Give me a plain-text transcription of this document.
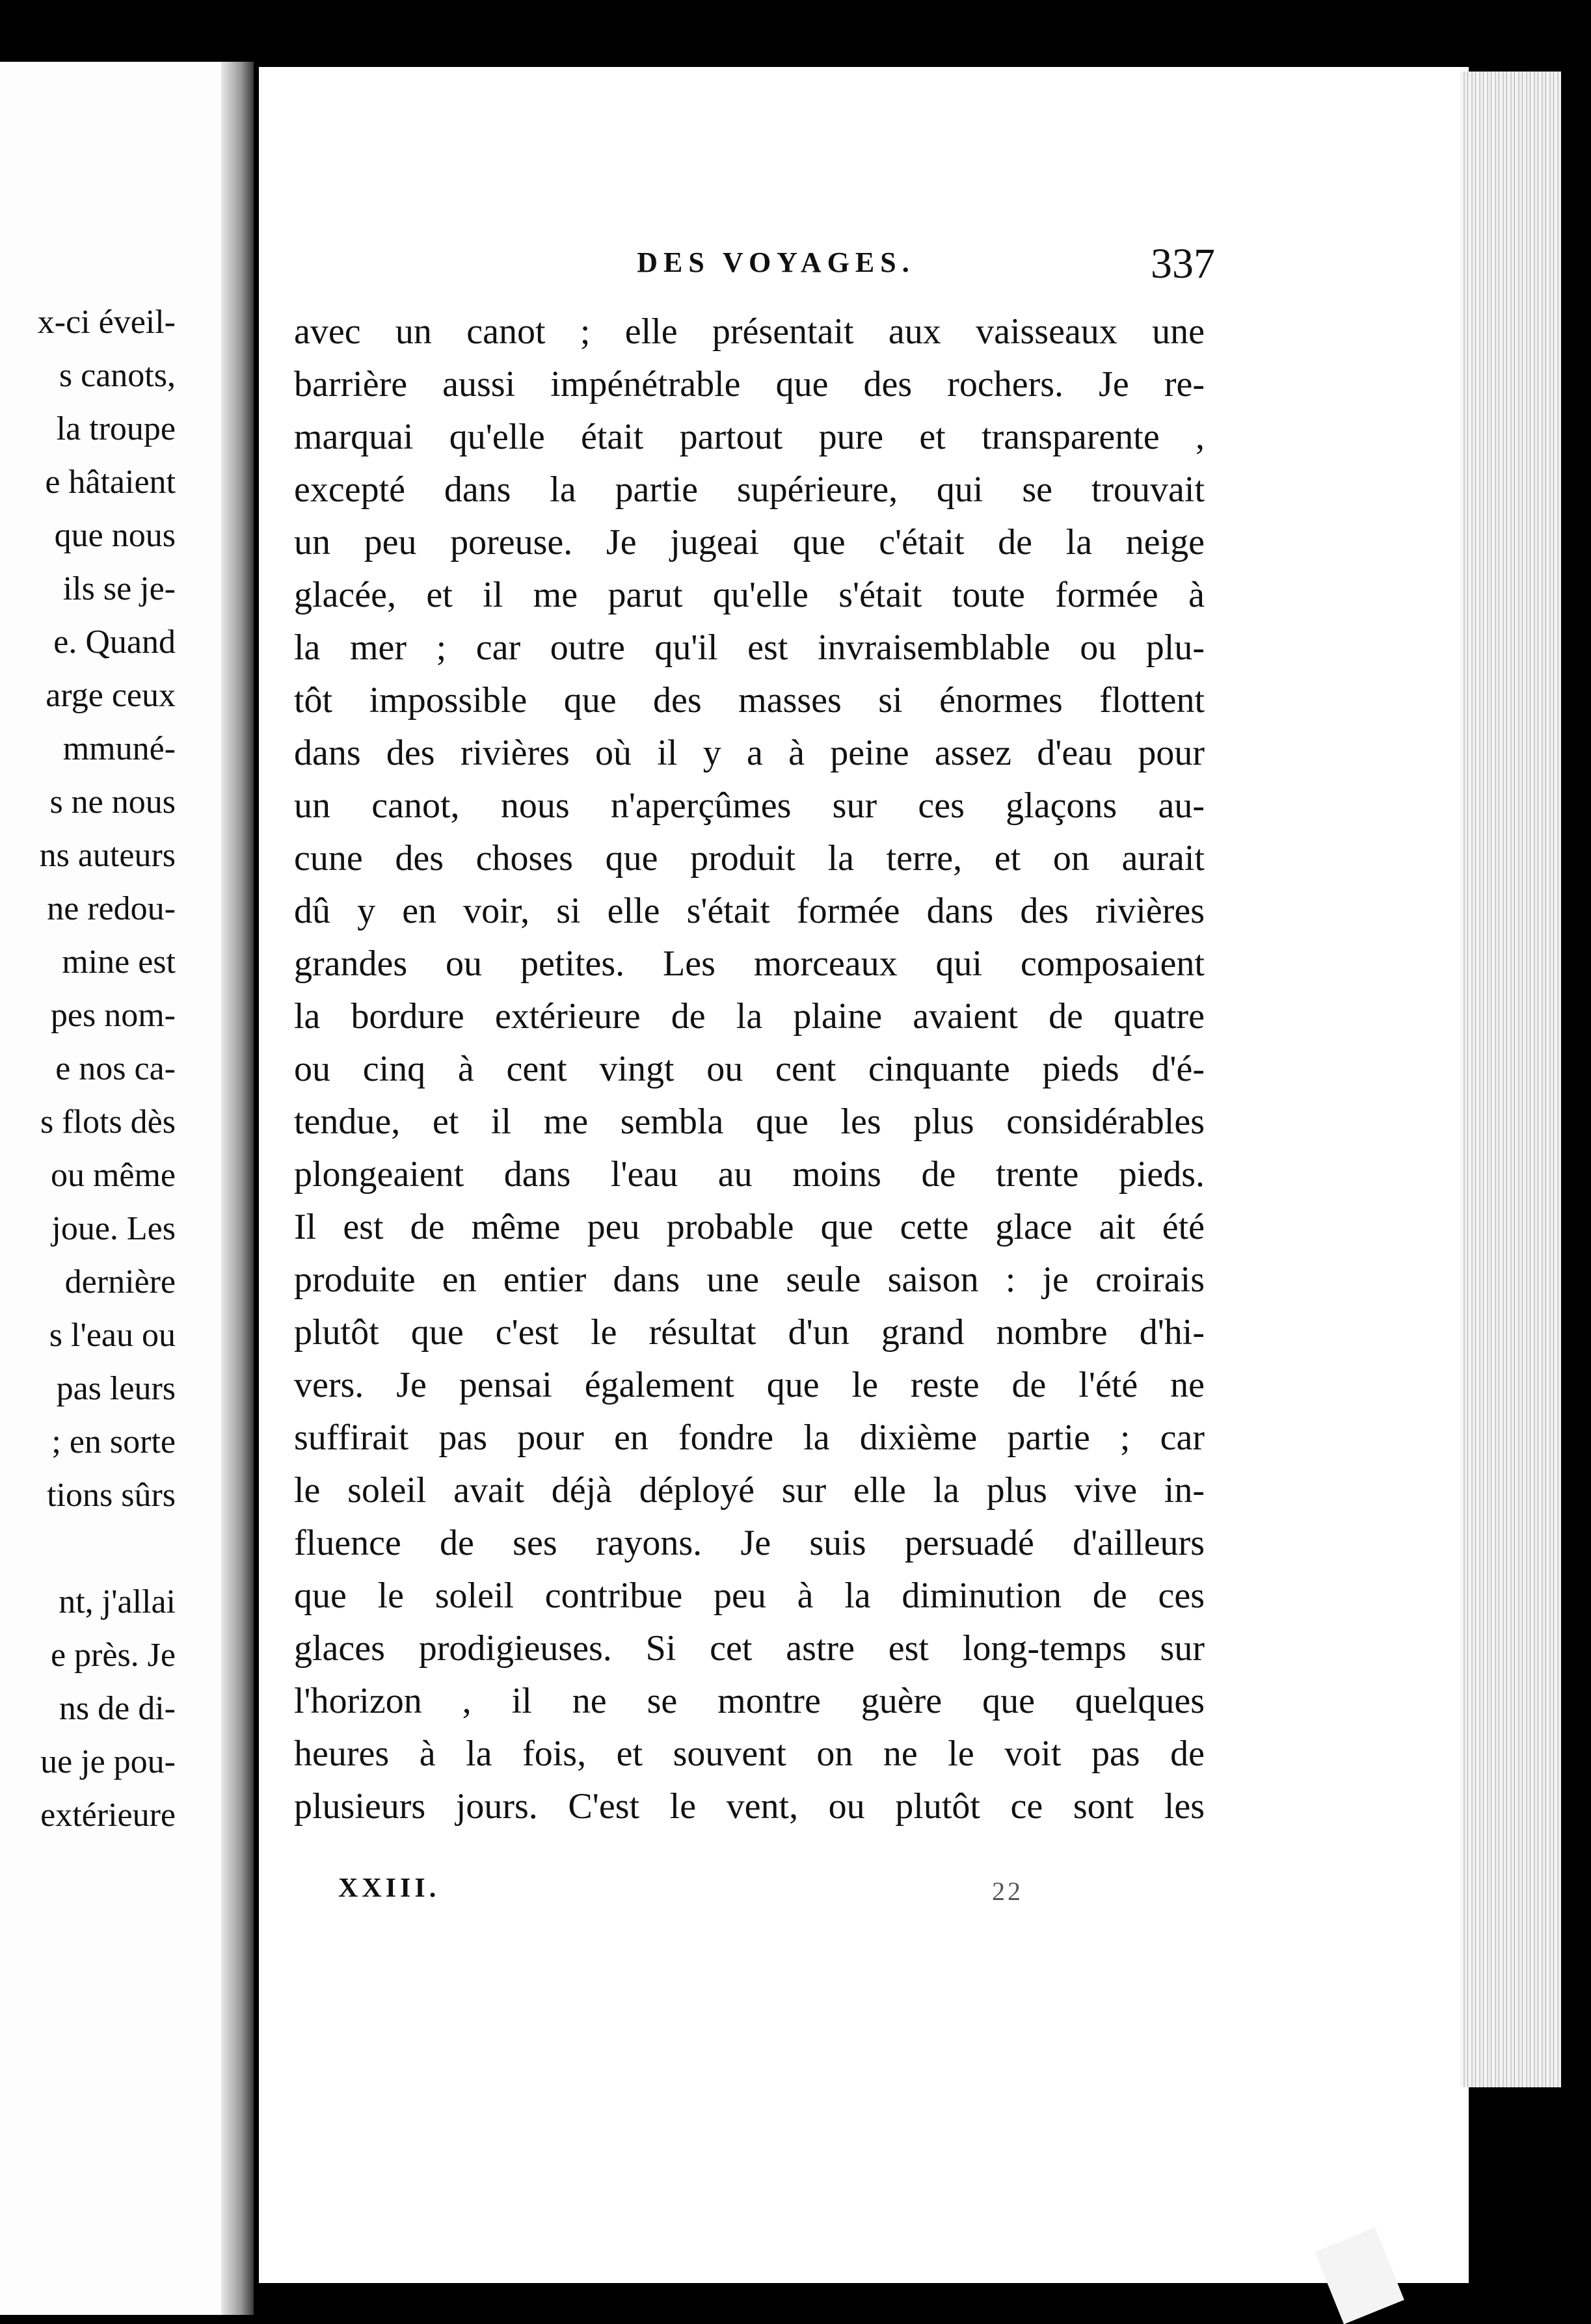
x-ci éveil-
s canots,
la troupe
e hâtaient
que nous
ils se je-
e. Quand
arge ceux
mmuné-
s ne nous
ns auteurs
ne redou-
mine est
pes nom-
e nos ca-
s flots dès
ou même
joue. Les
dernière
s l'eau ou
pas leurs
; en sorte
tions sûrs
nt, j'allai
e près. Je
ns de di-
ue je pou-
extérieure
DES VOYAGES.	337
avec un canot ; elle présentait aux vaisseaux une
barrière aussi impénétrable que des rochers. Je re-
marquai qu'elle était partout pure et transparente ,
excepté dans la partie supérieure, qui se trouvait
un peu poreuse. Je jugeai que c'était de la neige
glacée, et il me parut qu'elle s'était toute formée à
la mer ; car outre qu'il est invraisemblable ou plu-
tôt impossible que des masses si énormes flottent
dans des rivières où il y a à peine assez d'eau pour
un canot, nous n'aperçûmes sur ces glaçons au-
cune des choses que produit la terre, et on aurait
dû y en voir, si elle s'était formée dans des rivières
grandes ou petites. Les morceaux qui composaient
la bordure extérieure de la plaine avaient de quatre
ou cinq à cent vingt ou cent cinquante pieds d'é-
tendue, et il me sembla que les plus considérables
plongeaient dans l'eau au moins de trente pieds.
Il est de même peu probable que cette glace ait été
produite en entier dans une seule saison : je croirais
plutôt que c'est le résultat d'un grand nombre d'hi-
vers. Je pensai également que le reste de l'été ne
suffirait pas pour en fondre la dixième partie ; car
le soleil avait déjà déployé sur elle la plus vive in-
fluence de ses rayons. Je suis persuadé d'ailleurs
que le soleil contribue peu à la diminution de ces
glaces prodigieuses. Si cet astre est long-temps sur
l'horizon , il ne se montre guère que quelques
heures à la fois, et souvent on ne le voit pas de
plusieurs jours. C'est le vent, ou plutôt ce sont les
XXIII.	22
